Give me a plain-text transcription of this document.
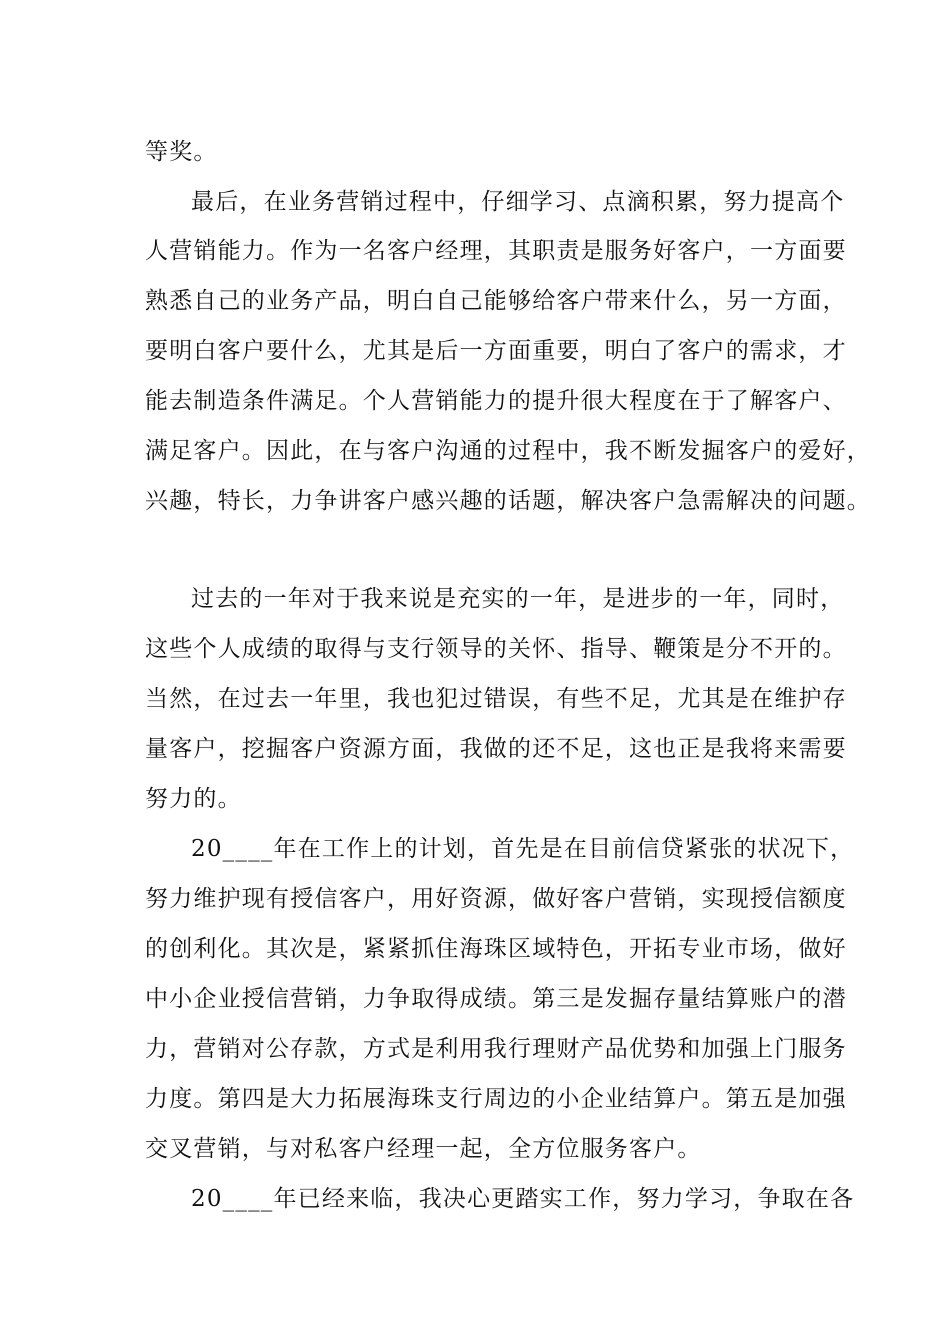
等奖。
最后，在业务营销过程中，仔细学习、点滴积累，努力提高个
人营销能力。作为一名客户经理，其职责是服务好客户，一方面要
熟悉自己的业务产品，明白自己能够给客户带来什么，另一方面，
要明白客户要什么，尤其是后一方面重要，明白了客户的需求，才
能去制造条件满足。个人营销能力的提升很大程度在于了解客户、
满足客户。因此，在与客户沟通的过程中，我不断发掘客户的爱好，
兴趣，特长，力争讲客户感兴趣的话题，解决客户急需解决的问题。
过去的一年对于我来说是充实的一年，是进步的一年，同时，
这些个人成绩的取得与支行领导的关怀、指导、鞭策是分不开的。
当然，在过去一年里，我也犯过错误，有些不足，尤其是在维护存
量客户，挖掘客户资源方面，我做的还不足，这也正是我将来需要
努力的。
20____年在工作上的计划，首先是在目前信贷紧张的状况下，
努力维护现有授信客户，用好资源，做好客户营销，实现授信额度
的创利化。其次是，紧紧抓住海珠区域特色，开拓专业市场，做好
中小企业授信营销，力争取得成绩。第三是发掘存量结算账户的潜
力，营销对公存款，方式是利用我行理财产品优势和加强上门服务
力度。第四是大力拓展海珠支行周边的小企业结算户。第五是加强
交叉营销，与对私客户经理一起，全方位服务客户。
20____年已经来临，我决心更踏实工作，努力学习，争取在各
